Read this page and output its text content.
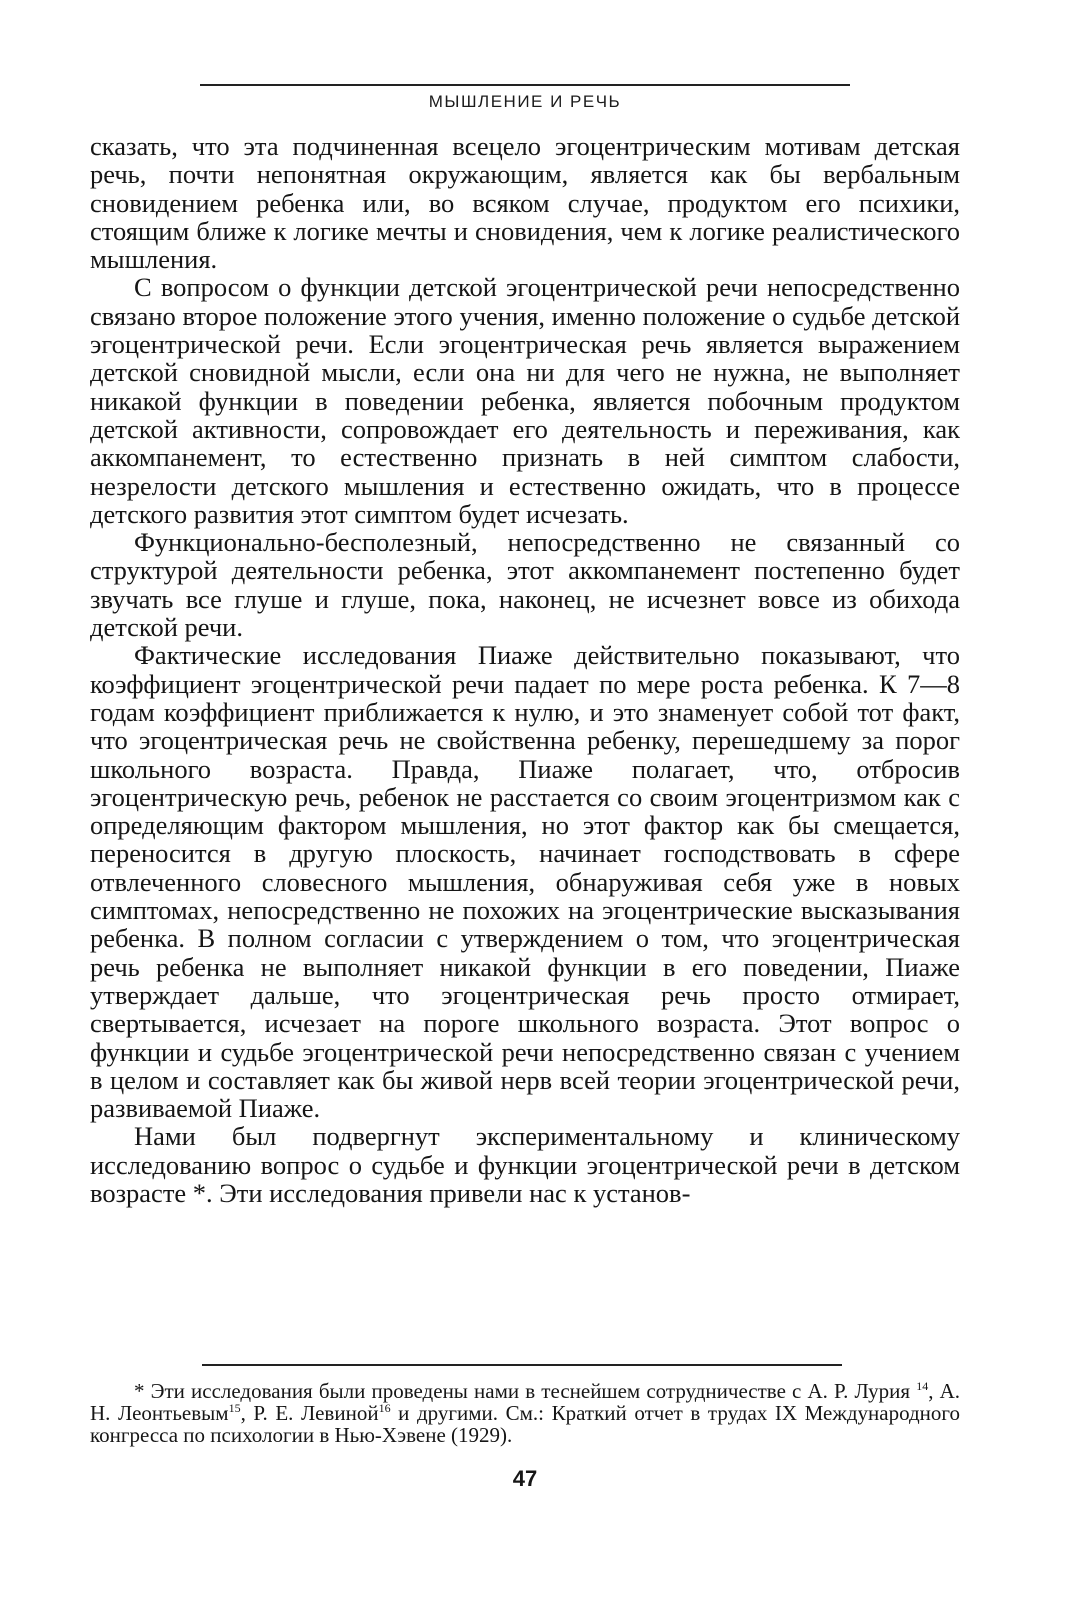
МЫШЛЕНИЕ И РЕЧЬ

сказать, что эта подчиненная всецело эгоцентрическим мотивам детская речь, почти непонятная окружающим, является как бы вербальным сновидением ребенка или, во всяком случае, продуктом его психики, стоящим ближе к логике мечты и сновидения, чем к логике реалистического мышления.

С вопросом о функции детской эгоцентрической речи непосредственно связано второе положение этого учения, именно положение о судьбе детской эгоцентрической речи. Если эгоцентрическая речь является выражением детской сновидной мысли, если она ни для чего не нужна, не выполняет никакой функции в поведении ребенка, является побочным продуктом детской активности, сопровождает его деятельность и переживания, как аккомпанемент, то естественно признать в ней симптом слабости, незрелости детского мышления и естественно ожидать, что в процессе детского развития этот симптом будет исчезать.

Функционально-бесполезный, непосредственно не связанный со структурой деятельности ребенка, этот аккомпанемент постепенно будет звучать все глуше и глуше, пока, наконец, не исчезнет вовсе из обихода детской речи.

Фактические исследования Пиаже действительно показывают, что коэффициент эгоцентрической речи падает по мере роста ребенка. К 7—8 годам коэффициент приближается к нулю, и это знаменует собой тот факт, что эгоцентрическая речь не свойственна ребенку, перешедшему за порог школьного возраста. Правда, Пиаже полагает, что, отбросив эгоцентрическую речь, ребенок не расстается со своим эгоцентризмом как с определяющим фактором мышления, но этот фактор как бы смещается, переносится в другую плоскость, начинает господствовать в сфере отвлеченного словесного мышления, обнаруживая себя уже в новых симптомах, непосредственно не похожих на эгоцентрические высказывания ребенка. В полном согласии с утверждением о том, что эгоцентрическая речь ребенка не выполняет никакой функции в его поведении, Пиаже утверждает дальше, что эгоцентрическая речь просто отмирает, свертывается, исчезает на пороге школьного возраста. Этот вопрос о функции и судьбе эгоцентрической речи непосредственно связан с учением в целом и составляет как бы живой нерв всей теории эгоцентрической речи, развиваемой Пиаже.

Нами был подвергнут экспериментальному и клиническому исследованию вопрос о судьбе и функции эгоцентрической речи в детском возрасте *. Эти исследования привели нас к установ-

* Эти исследования были проведены нами в теснейшем сотрудничестве с А. Р. Лурия $^{14}$, А. Н. Леонтьевым$^{15}$, Р. Е. Левиной$^{16}$ и другими. См.: Краткий отчет в трудах IX Международного конгресса по психологии в Нью-Хэвене (1929).

47
